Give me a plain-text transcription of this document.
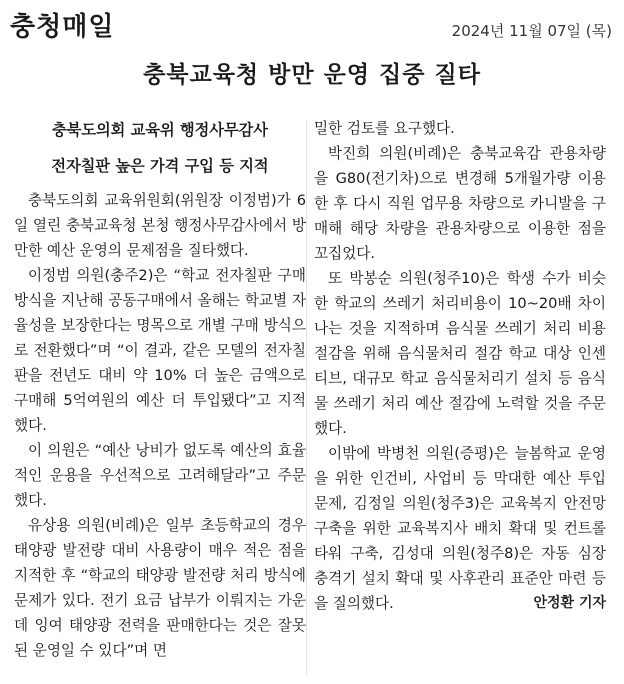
충청매일	2024년 11월 07일 (목)
충북교육청 방만 운영 집중 질타
충북도의회 교육위 행정사무감사
전자칠판 높은 가격 구입 등 지적

충북도의회 교육위원회(위원장 이정범)가 6일 열린 충북교육청 본청 행정사무감사에서 방만한 예산 운영의 문제점을 질타했다.

이정범 의원(충주2)은 “학교 전자칠판 구매 방식을 지난해 공동구매에서 올해는 학교별 자율성을 보장한다는 명목으로 개별 구매 방식으로 전환했다”며 “이 결과, 같은 모델의 전자칠판을 전년도 대비 약 10% 더 높은 금액으로 구매해 5억여원의 예산 더 투입됐다”고 지적했다.

이 의원은 “예산 낭비가 없도록 예산의 효율적인 운용을 우선적으로 고려해달라”고 주문했다.

유상용 의원(비례)은 일부 초등학교의 경우 태양광 발전량 대비 사용량이 매우 적은 점을 지적한 후 “학교의 태양광 발전량 처리 방식에 문제가 있다. 전기 요금 납부가 이뤄지는 가운데 잉여 태양광 전력을 판매한다는 것은 잘못된 운영일 수 있다”며 면

밀한 검토를 요구했다.

박진희 의원(비례)은 충북교육감 관용차량을 G80(전기차)으로 변경해 5개월가량 이용한 후 다시 직원 업무용 차량으로 카니발을 구매해 해당 차량을 관용차량으로 이용한 점을 꼬집었다.

또 박봉순 의원(청주10)은 학생 수가 비슷한 학교의 쓰레기 처리비용이 10~20배 차이 나는 것을 지적하며 음식물 쓰레기 처리 비용 절감을 위해 음식물처리 절감 학교 대상 인센티브, 대규모 학교 음식물처리기 설치 등 음식물 쓰레기 처리 예산 절감에 노력할 것을 주문했다.

이밖에 박병천 의원(증평)은 늘봄학교 운영을 위한 인건비, 사업비 등 막대한 예산 투입 문제, 김정일 의원(청주3)은 교육복지 안전망 구축을 위한 교육복지사 배치 확대 및 컨트롤타워 구축, 김성대 의원(청주8)은 자동 심장 충격기 설치 확대 및 사후관리 표준안 마련 등을 질의했다.	안정환 기자
